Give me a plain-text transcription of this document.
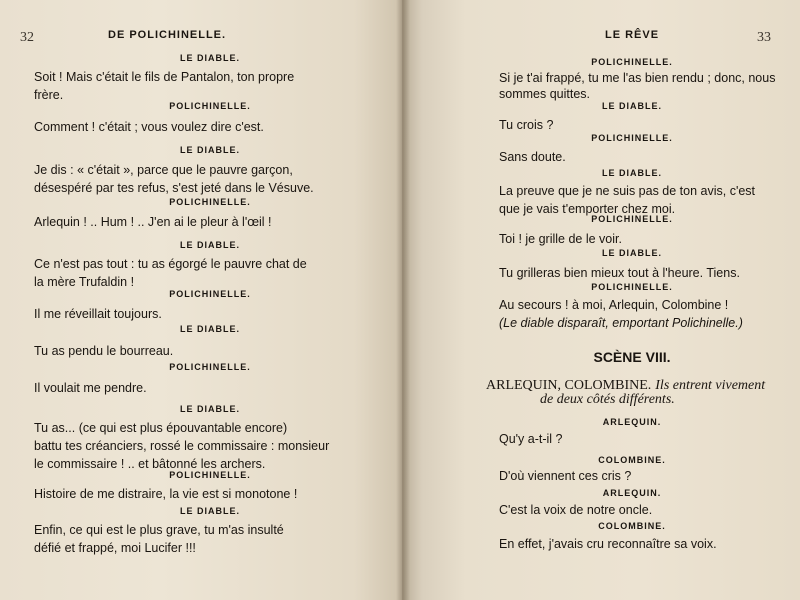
32	DE POLICHINELLE.
LE DIABLE.
Soit ! Mais c'était le fils de Pantalon, ton propre
frère.
POLICHINELLE.
Comment ! c'était ; vous voulez dire c'est.
LE DIABLE.
Je dis : « c'était », parce que le pauvre garçon,
désespéré par tes refus, s'est jeté dans le Vésuve.
POLICHINELLE.
Arlequin ! .. Hum ! .. J'en ai le pleur à l'œil !
LE DIABLE.
Ce n'est pas tout : tu as égorgé le pauvre chat de
la mère Trufaldin !
POLICHINELLE.
Il me réveillait toujours.
LE DIABLE.
Tu as pendu le bourreau.
POLICHINELLE.
Il voulait me pendre.
LE DIABLE.
Tu as... (ce qui est plus épouvantable encore)
battu tes créanciers, rossé le commissaire : monsieur
le commissaire ! .. et bâtonné les archers.
POLICHINELLE.
Histoire de me distraire, la vie est si monotone !
LE DIABLE.
Enfin, ce qui est le plus grave, tu m'as insulté
défié et frappé, moi Lucifer !!!
33
LE RÊVE
POLICHINELLE.
Si je t'ai frappé, tu me l'as bien rendu ; donc, nous
sommes quittes.
LE DIABLE.
Tu crois ?
POLICHINELLE.
Sans doute.
LE DIABLE.
La preuve que je ne suis pas de ton avis, c'est
que je vais t'emporter chez moi.
POLICHINELLE.
Toi ! je grille de le voir.
LE DIABLE.
Tu grilleras bien mieux tout à l'heure. Tiens.
POLICHINELLE.
Au secours ! à moi, Arlequin, Colombine !
(Le diable disparaît, emportant Polichinelle.)
SCÈNE VIII.
ARLEQUIN, COLOMBINE. Ils entrent vivement
de deux côtés différents.
ARLEQUIN.
Qu'y a-t-il ?
COLOMBINE.
D'où viennent ces cris ?
ARLEQUIN.
C'est la voix de notre oncle.
COLOMBINE.
En effet, j'avais cru reconnaître sa voix.
